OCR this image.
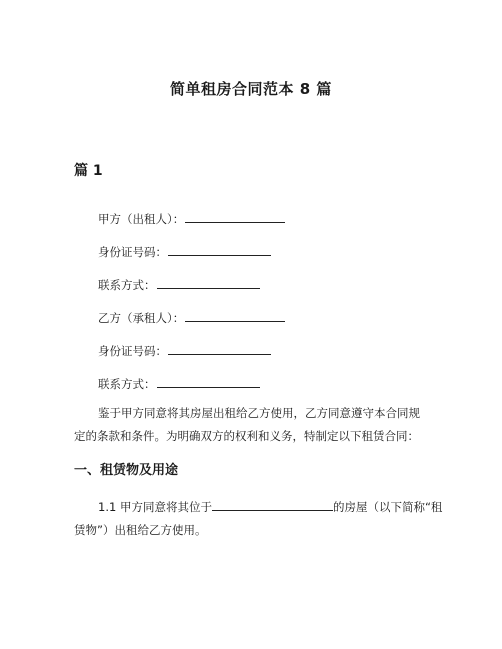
简单租房合同范本 8 篇
篇 1
甲方（出租人）：
身份证号码：
联系方式：
乙方（承租人）：
身份证号码：
联系方式：
鉴于甲方同意将其房屋出租给乙方使用，乙方同意遵守本合同规
定的条款和条件。为明确双方的权利和义务，特制定以下租赁合同：
一、租赁物及用途
1.1 甲方同意将其位于	的房屋（以下简称“租
赁物”）出租给乙方使用。
